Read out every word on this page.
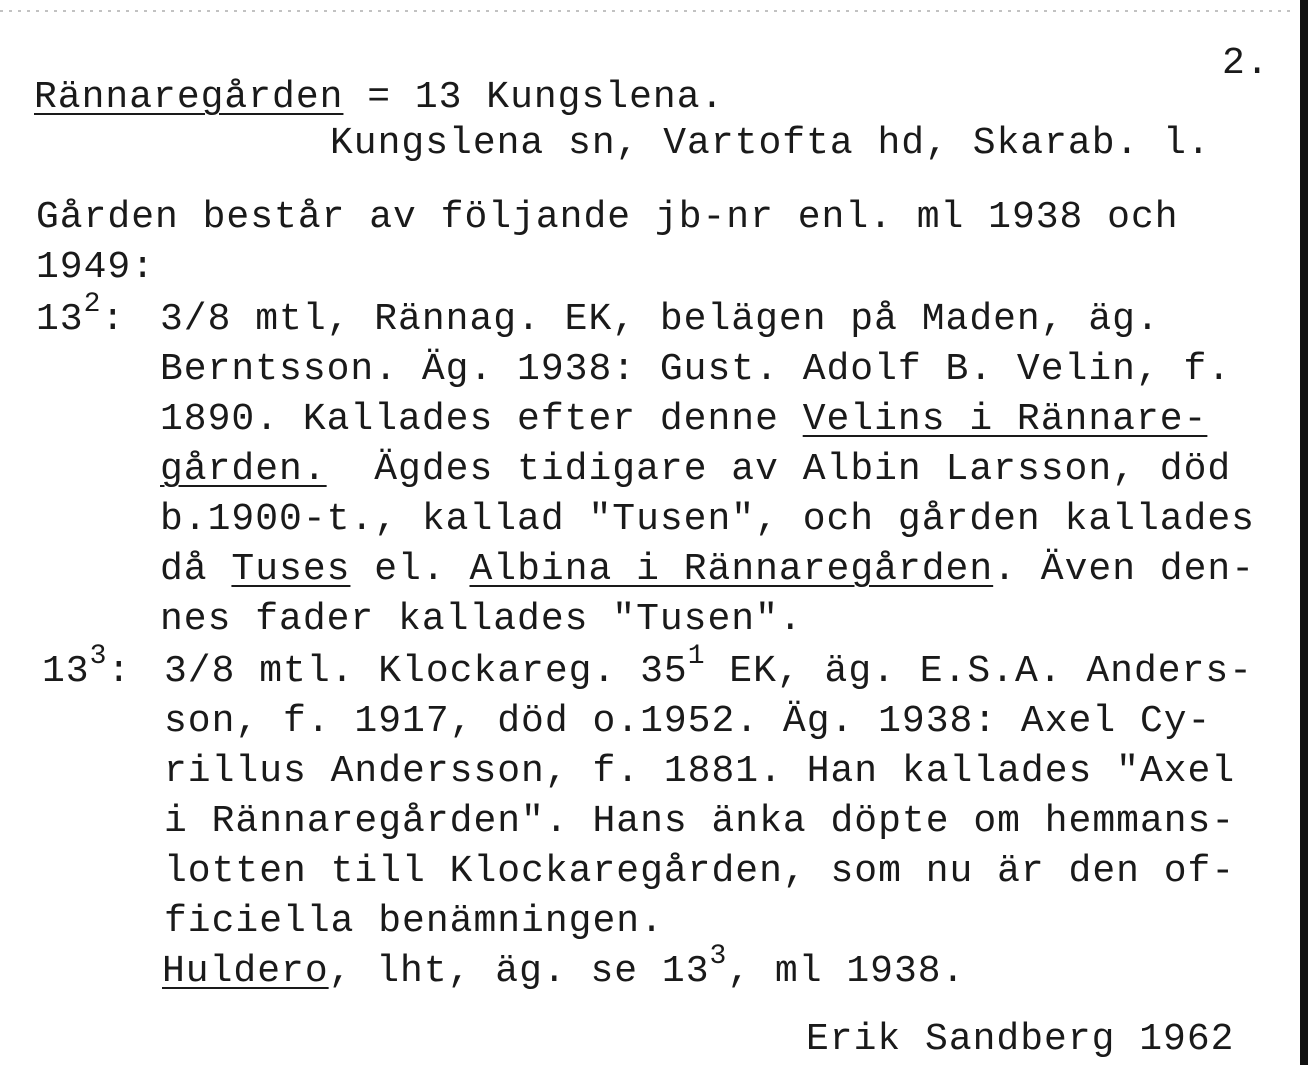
2.
Rännaregården = 13 Kungslena.
Kungslena sn, Vartofta hd, Skarab. l.
Gården består av följande jb-nr enl. ml 1938 och
1949:
$13^2$: 3/8 mtl, Rännag. EK, belägen på Maden, äg.
Berntsson. Äg. 1938: Gust. Adolf B. Velin, f.
1890. Kallades efter denne Velins i Rännare-
gården.  Ägdes tidigare av Albin Larsson, död
b.1900-t., kallad "Tusen", och gården kallades
då Tuses el. Albina i Rännaregården. Även den-
nes fader kallades "Tusen".
$13^3$: 3/8 mtl. Klockareg. $35^1$ EK, äg. E.S.A. Anders-
son, f. 1917, död o.1952. Äg. 1938: Axel Cy-
rillus Andersson, f. 1881. Han kallades "Axel
i Rännaregården". Hans änka döpte om hemmans-
lotten till Klockaregården, som nu är den of-
ficiella benämningen.
Huldero, lht, äg. se $13^3$, ml 1938.
Erik Sandberg 1962
